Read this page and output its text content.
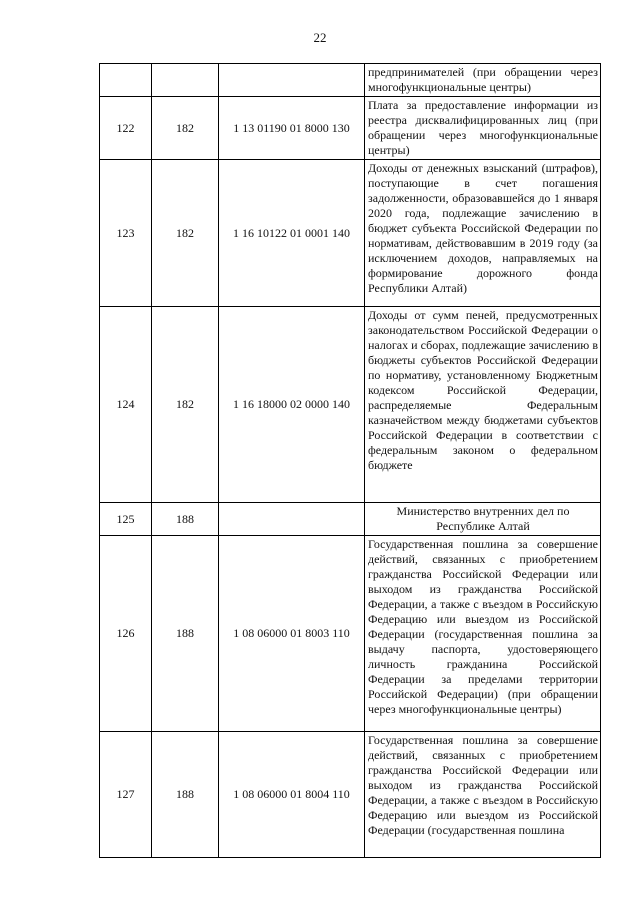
22
			предпринимателей (при обращении через многофункциональные центры)
122	182	1 13 01190 01 8000 130	Плата за предоставление информации из реестра дисквалифицированных лиц (при обращении через многофункциональные центры)
123	182	1 16 10122 01 0001 140	Доходы от денежных взысканий (штрафов), поступающие в счет погашения задолженности, образовавшейся до 1 января 2020 года, подлежащие зачислению в бюджет субъекта Российской Федерации по нормативам, действовавшим в 2019 году (за исключением доходов, направляемых на формирование дорожного фонда Республики Алтай)
124	182	1 16 18000 02 0000 140	Доходы от сумм пеней, предусмотренных законодательством Российской Федерации о налогах и сборах, подлежащие зачислению в бюджеты субъектов Российской Федерации по нормативу, установленному Бюджетным кодексом Российской Федерации, распределяемые Федеральным казначейством между бюджетами субъектов Российской Федерации в соответствии с федеральным законом о федеральном бюджете
125	188		Министерство внутренних дел по Республике Алтай
126	188	1 08 06000 01 8003 110	Государственная пошлина за совершение действий, связанных с приобретением гражданства Российской Федерации или выходом из гражданства Российской Федерации, а также с въездом в Российскую Федерацию или выездом из Российской Федерации (государственная пошлина за выдачу паспорта, удостоверяющего личность гражданина Российской Федерации за пределами территории Российской Федерации) (при обращении через многофункциональные центры)
127	188	1 08 06000 01 8004 110	Государственная пошлина за совершение действий, связанных с приобретением гражданства Российской Федерации или выходом из гражданства Российской Федерации, а также с въездом в Российскую Федерацию или выездом из Российской Федерации (государственная пошлина
